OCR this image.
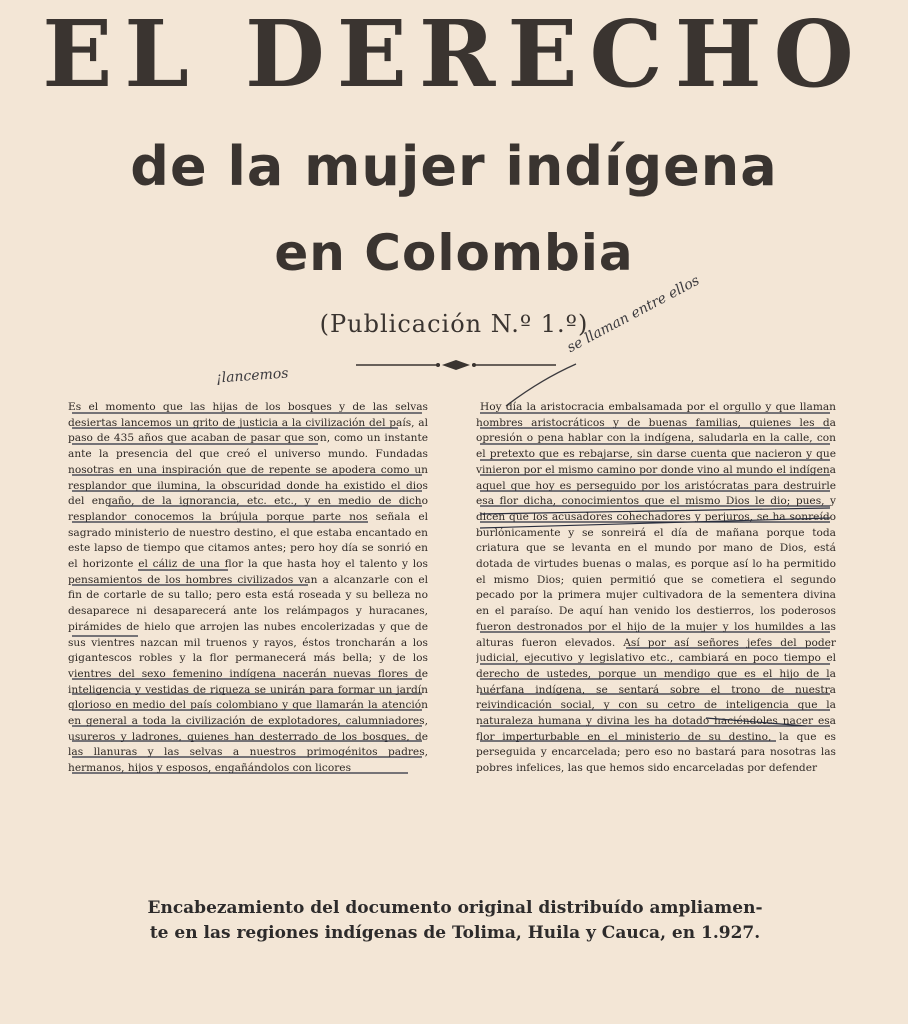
EL DERECHO
de la mujer indígena
en Colombia
(Publicación N.º 1.º)
¡lancemos
se llaman entre ellos

Es el momento que las hijas de los bosques y de las selvas desiertas lancemos un grito de justicia a la civilización del país, al paso de 435 años que acaban de pasar que son, como un instante ante la presencia del que creó el universo mundo. Fundadas nosotras en una inspiración que de repente se apodera como un resplandor que ilumina, la obscuridad donde ha existido el dios del engaño, de la ignorancia, etc. etc., y en medio de dicho resplandor conocemos la brújula porque parte nos señala el sagrado ministerio de nuestro destino, el que estaba encantado en este lapso de tiempo que citamos antes; pero hoy día se sonrió en el horizonte el cáliz de una flor la que hasta hoy el talento y los pensamientos de los hombres civilizados van a alcanzarle con el fin de cortarle de su tallo; pero esta está roseada y su belleza no desaparece ni desaparecerá ante los relámpagos y huracanes, pirámides de hielo que arrojen las nubes encolerizadas y que de sus vientres nazcan mil truenos y rayos, éstos troncharán a los gigantescos robles y la flor permanecerá más bella; y de los vientres del sexo femenino indígena nacerán nuevas flores de inteligencia y vestidas de riqueza se unirán para formar un jardín glorioso en medio del país colombiano y que llamarán la atención en general a toda la civilización de explotadores, calumniadores, usureros y ladrones, quienes han desterrado de los bosques, de las llanuras y las selvas a nuestros primogénitos padres, hermanos, hijos y esposos, engañándolos con licores

Hoy día la aristocracia embalsamada por el orgullo y que llaman hombres aristocráticos y de buenas familias, quienes les da opresión o pena hablar con la indígena, saludarla en la calle, con el pretexto que es rebajarse, sin darse cuenta que nacieron y que vinieron por el mismo camino por donde vino al mundo el indígena aquel que hoy es perseguido por los aristócratas para destruirle esa flor dicha, conocimientos que el mismo Dios le dio; pues, y dicen que los acusadores cohechadores y perjuros, se ha sonreído burlónicamente y se sonreirá el día de mañana porque toda criatura que se levanta en el mundo por mano de Dios, está dotada de virtudes buenas o malas, es porque así lo ha permitido el mismo Dios; quien permitió que se cometiera el segundo pecado por la primera mujer cultivadora de la sementera divina en el paraíso. De aquí han venido los destierros, los poderosos fueron destronados por el hijo de la mujer y los humildes a las alturas fueron elevados. Así por así señores jefes del poder judicial, ejecutivo y legislativo etc., cambiará en poco tiempo el derecho de ustedes, porque un mendigo que es el hijo de la huérfana indígena, se sentará sobre el trono de nuestra reivindicación social, y con su cetro de inteligencia que la naturaleza humana y divina les ha dotado haciéndoles nacer esa flor imperturbable en el ministerio de su destino, la que es perseguida y encarcelada; pero eso no bastará para nosotras las pobres infelices, las que hemos sido encarceladas por defender

Encabezamiento del documento original distribuído ampliamen-
te en las regiones indígenas de Tolima, Huila y Cauca, en 1.927.
